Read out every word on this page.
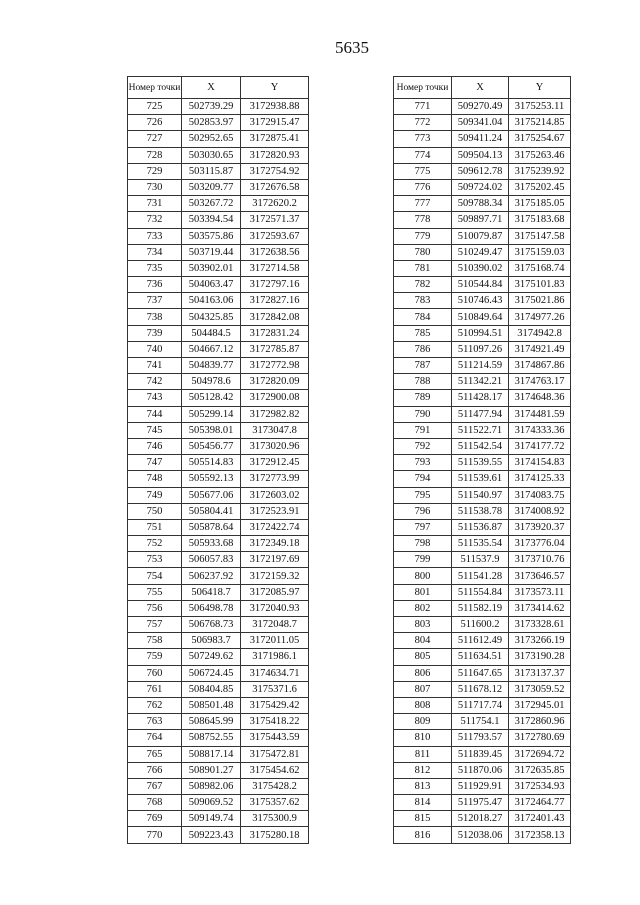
5635
Номер точки	X	Y
725	502739.29	3172938.88
726	502853.97	3172915.47
727	502952.65	3172875.41
728	503030.65	3172820.93
729	503115.87	3172754.92
730	503209.77	3172676.58
731	503267.72	3172620.2
732	503394.54	3172571.37
733	503575.86	3172593.67
734	503719.44	3172638.56
735	503902.01	3172714.58
736	504063.47	3172797.16
737	504163.06	3172827.16
738	504325.85	3172842.08
739	504484.5	3172831.24
740	504667.12	3172785.87
741	504839.77	3172772.98
742	504978.6	3172820.09
743	505128.42	3172900.08
744	505299.14	3172982.82
745	505398.01	3173047.8
746	505456.77	3173020.96
747	505514.83	3172912.45
748	505592.13	3172773.99
749	505677.06	3172603.02
750	505804.41	3172523.91
751	505878.64	3172422.74
752	505933.68	3172349.18
753	506057.83	3172197.69
754	506237.92	3172159.32
755	506418.7	3172085.97
756	506498.78	3172040.93
757	506768.73	3172048.7
758	506983.7	3172011.05
759	507249.62	3171986.1
760	506724.45	3174634.71
761	508404.85	3175371.6
762	508501.48	3175429.42
763	508645.99	3175418.22
764	508752.55	3175443.59
765	508817.14	3175472.81
766	508901.27	3175454.62
767	508982.06	3175428.2
768	509069.52	3175357.62
769	509149.74	3175300.9
770	509223.43	3175280.18
Номер точки	X	Y
771	509270.49	3175253.11
772	509341.04	3175214.85
773	509411.24	3175254.67
774	509504.13	3175263.46
775	509612.78	3175239.92
776	509724.02	3175202.45
777	509788.34	3175185.05
778	509897.71	3175183.68
779	510079.87	3175147.58
780	510249.47	3175159.03
781	510390.02	3175168.74
782	510544.84	3175101.83
783	510746.43	3175021.86
784	510849.64	3174977.26
785	510994.51	3174942.8
786	511097.26	3174921.49
787	511214.59	3174867.86
788	511342.21	3174763.17
789	511428.17	3174648.36
790	511477.94	3174481.59
791	511522.71	3174333.36
792	511542.54	3174177.72
793	511539.55	3174154.83
794	511539.61	3174125.33
795	511540.97	3174083.75
796	511538.78	3174008.92
797	511536.87	3173920.37
798	511535.54	3173776.04
799	511537.9	3173710.76
800	511541.28	3173646.57
801	511554.84	3173573.11
802	511582.19	3173414.62
803	511600.2	3173328.61
804	511612.49	3173266.19
805	511634.51	3173190.28
806	511647.65	3173137.37
807	511678.12	3173059.52
808	511717.74	3172945.01
809	511754.1	3172860.96
810	511793.57	3172780.69
811	511839.45	3172694.72
812	511870.06	3172635.85
813	511929.91	3172534.93
814	511975.47	3172464.77
815	512018.27	3172401.43
816	512038.06	3172358.13
